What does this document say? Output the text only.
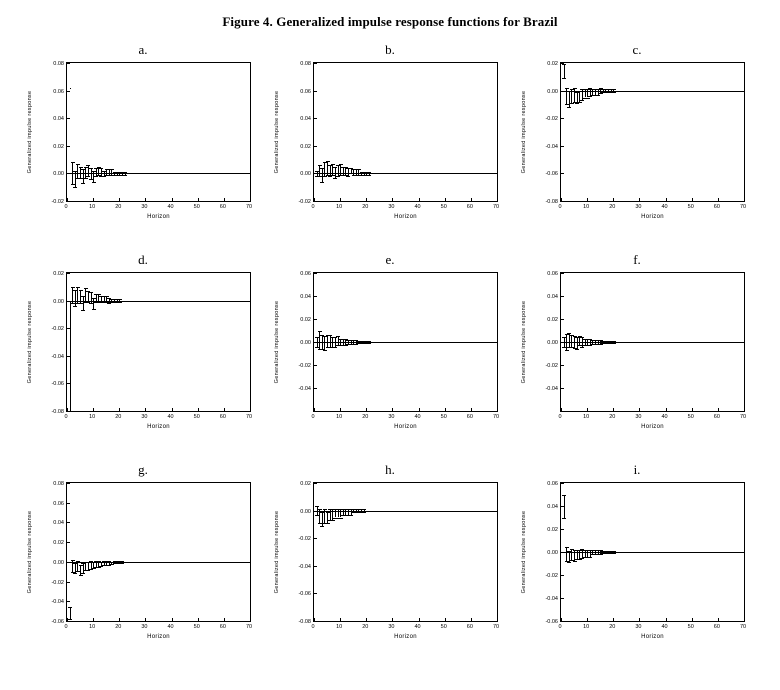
Figure 4. Generalized impulse response functions for Brazil
a.
Generalized impulse response
-0.02
0.00
0.02
0.04
0.06
0.08
0	10	20	30	40	50	60	70
Horizon
b.
Generalized impulse response
-0.02
0.00
0.02
0.04
0.06
0.08
0	10	20	30	40	50	60	70
Horizon
c.
Generalized impulse response
-0.08
-0.06
-0.04
-0.02
0.00
0.02
0	10	20	30	40	50	60	70
Horizon
d.
Generalized impulse response
-0.08
-0.06
-0.04
-0.02
0.00
0.02
0	10	20	30	40	50	60	70
Horizon
e.
Generalized impulse response
-0.04
-0.02
0.00
0.02
0.04
0.06
0	10	20	30	40	50	60	70
Horizon
f.
Generalized impulse response
-0.04
-0.02
0.00
0.02
0.04
0.06
0	10	20	30	40	50	60	70
Horizon
g.
Generalized impulse response
-0.06
-0.04
-0.02
0.00
0.02
0.04
0.06
0.08
0	10	20	30	40	50	60	70
Horizon
h.
Generalized impulse response
-0.08
-0.06
-0.04
-0.02
0.00
0.02
0	10	20	30	40	50	60	70
Horizon
i.
Generalized impulse response
-0.06
-0.04
-0.02
0.00
0.02
0.04
0.06
0	10	20	30	40	50	60	70
Horizon
